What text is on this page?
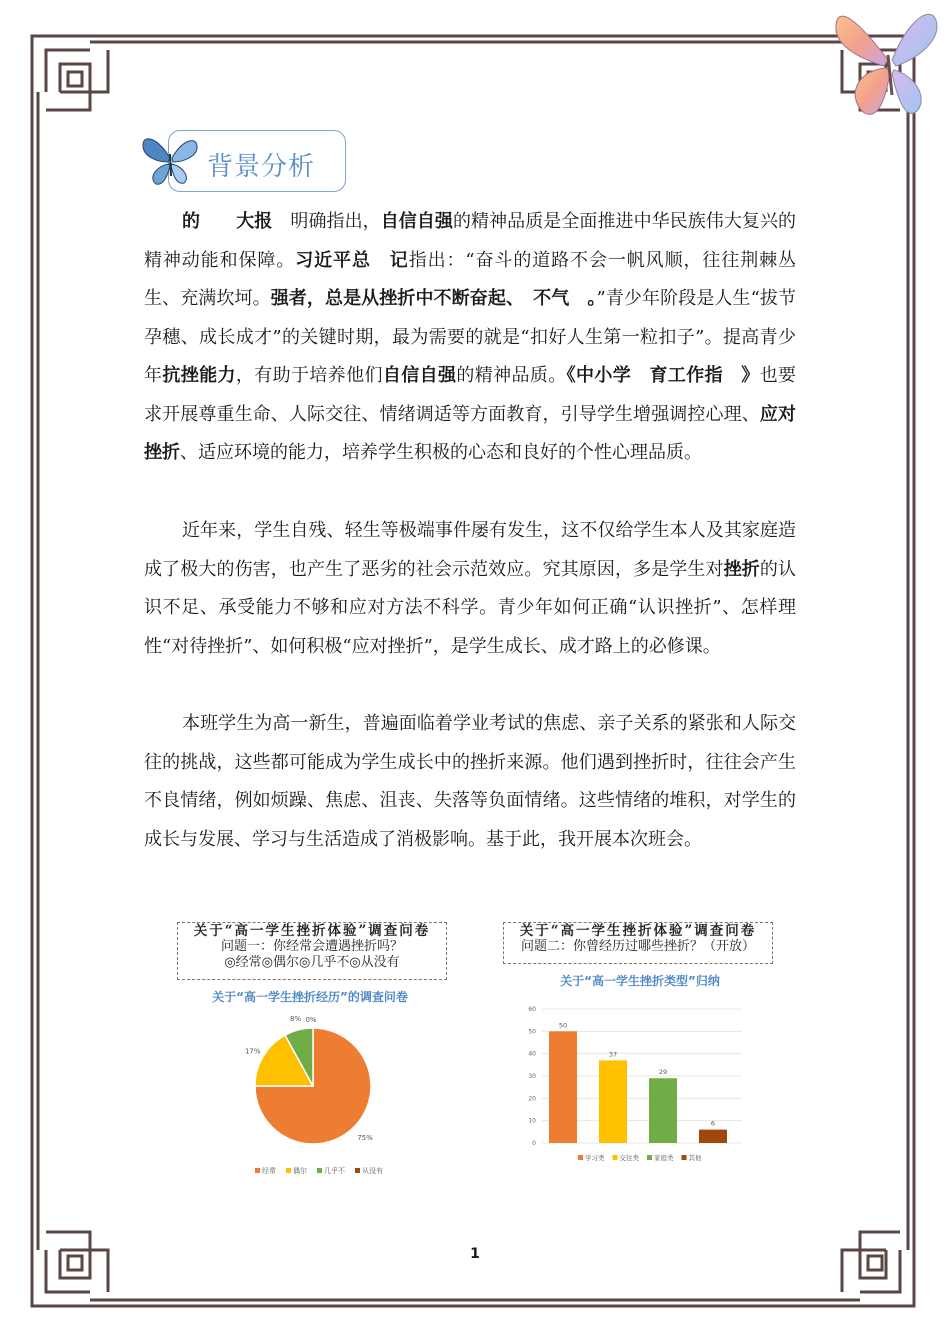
背景分析

的　　 大报　明确指出，自信自强的精神品质是全面推进中华民族伟大复兴的精神动能和保障。习近平总　记指出：“奋斗的道路不会一帆风顺，往往荆棘丛生、充满坎坷。强者，总是从挫折中不断奋起、　不气　。”青少年阶段是人生“拔节孕穗、成长成才”的关键时期，最为需要的就是“扣好人生第一粒扣子”。提高青少年抗挫能力，有助于培养他们自信自强的精神品质。《中小学　育工作指　》也要求开展尊重生命、人际交往、情绪调适等方面教育，引导学生增强调控心理、应对挫折、适应环境的能力，培养学生积极的心态和良好的个性心理品质。

近年来，学生自残、轻生等极端事件屡有发生，这不仅给学生本人及其家庭造成了极大的伤害，也产生了恶劣的社会示范效应。究其原因，多是学生对挫折的认识不足、承受能力不够和应对方法不科学。青少年如何正确“认识挫折”、怎样理性“对待挫折”、如何积极“应对挫折”，是学生成长、成才路上的必修课。

本班学生为高一新生，普遍面临着学业考试的焦虑、亲子关系的紧张和人际交往的挑战，这些都可能成为学生成长中的挫折来源。他们遇到挫折时，往往会产生不良情绪，例如烦躁、焦虑、沮丧、失落等负面情绪。这些情绪的堆积，对学生的成长与发展、学习与生活造成了消极影响。基于此，我开展本次班会。

关于“高一学生挫折体验”调查问卷
问题一：你经常会遭遇挫折吗？
◎经常◎偶尔◎几乎不◎从没有
关于“高一学生挫折体验”调查问卷
问题二：你曾经历过哪些挫折？（开放）
关于“高一学生挫折经历”的调查问卷
关于“高一学生挫折类型”归纳
75%
17%
8% 0%
经常 偶尔 几乎不 从没有
0
10
20
30
40
50
60
50
37
29
6
学习类 交往类 家庭类 其他
1
